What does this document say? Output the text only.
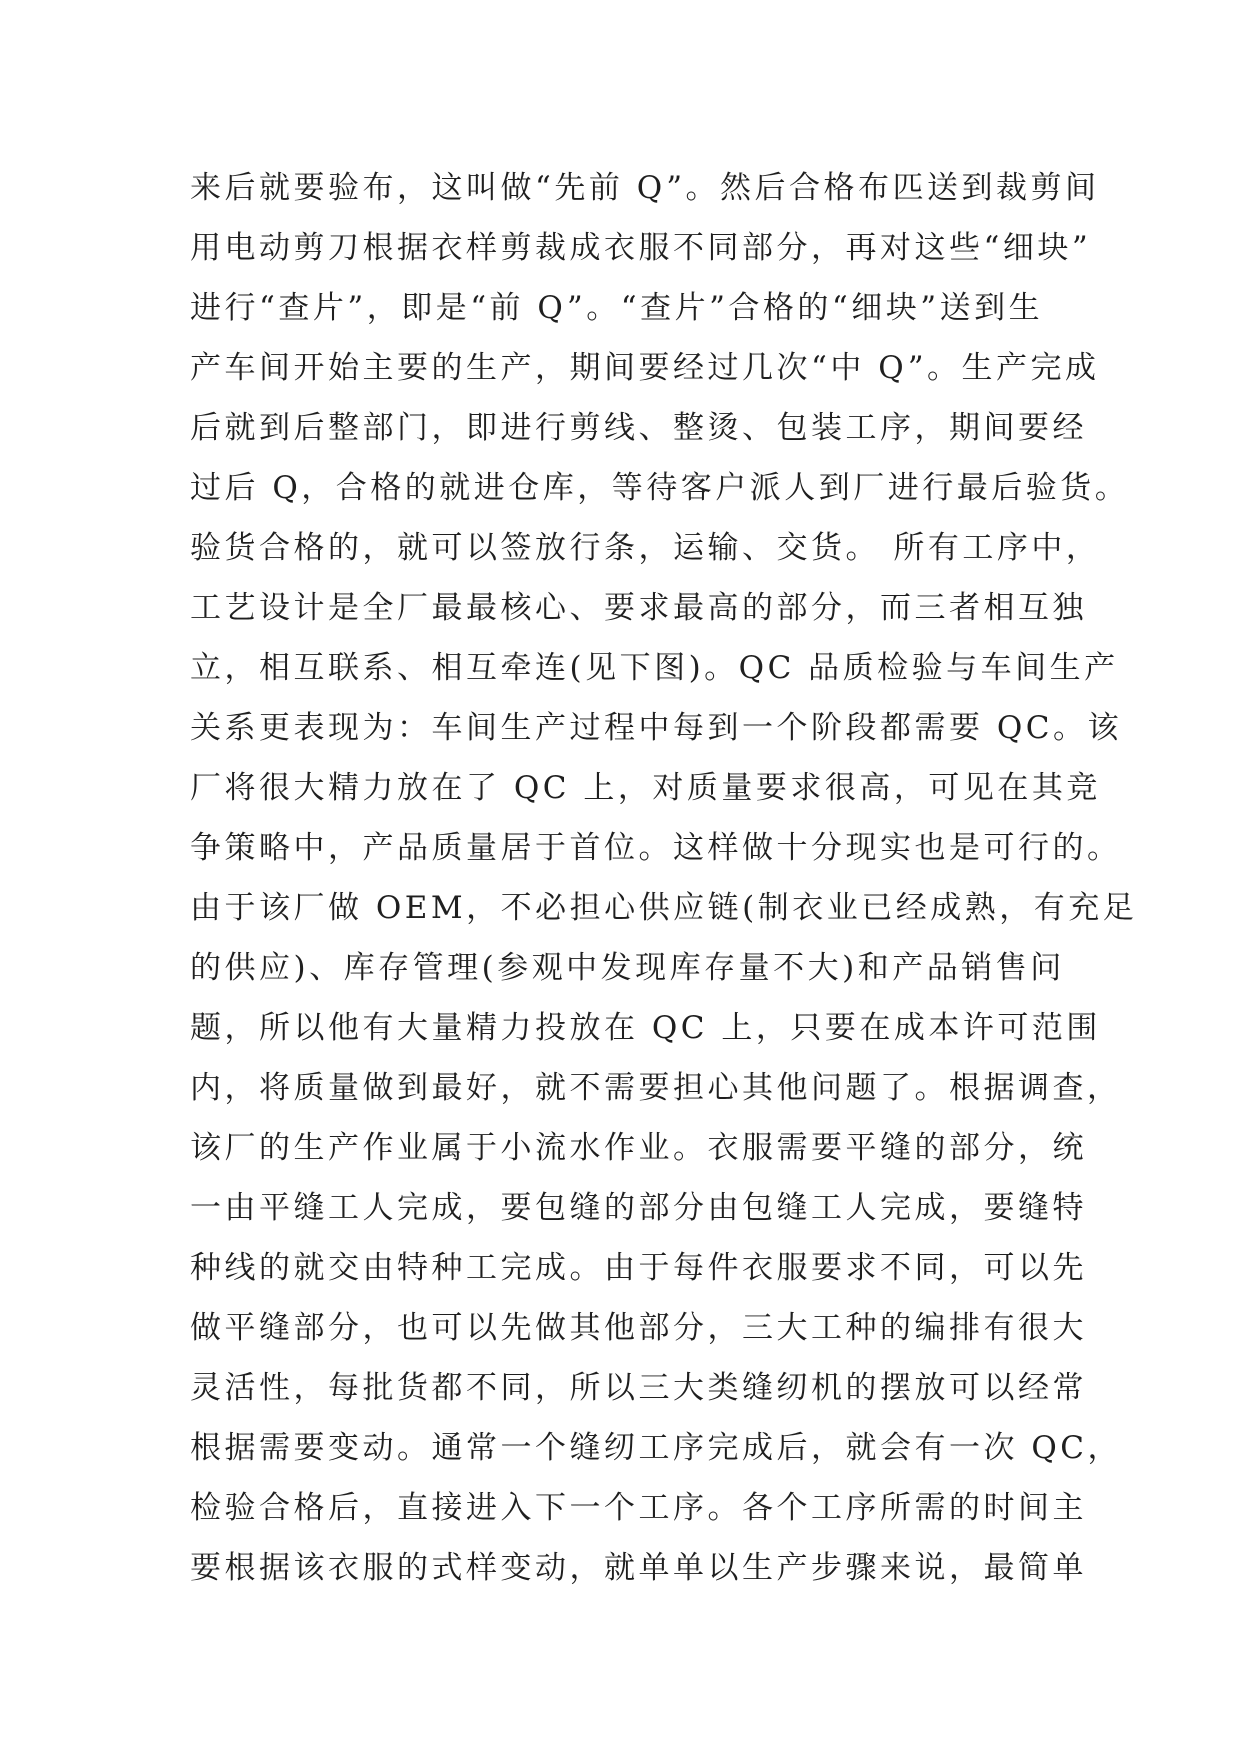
来后就要验布，这叫做“先前 Q”。然后合格布匹送到裁剪间
用电动剪刀根据衣样剪裁成衣服不同部分，再对这些“细块”
进行“查片”，即是“前 Q”。“查片”合格的“细块”送到生
产车间开始主要的生产，期间要经过几次“中 Q”。生产完成
后就到后整部门，即进行剪线、整烫、包装工序，期间要经
过后 Q，合格的就进仓库，等待客户派人到厂进行最后验货。
验货合格的，就可以签放行条，运输、交货。 所有工序中，
工艺设计是全厂最最核心、要求最高的部分，而三者相互独
立，相互联系、相互牵连(见下图)。QC 品质检验与车间生产
关系更表现为：车间生产过程中每到一个阶段都需要 QC。该
厂将很大精力放在了 QC 上，对质量要求很高，可见在其竞
争策略中，产品质量居于首位。这样做十分现实也是可行的。
由于该厂做 OEM，不必担心供应链(制衣业已经成熟，有充足
的供应)、库存管理(参观中发现库存量不大)和产品销售问
题，所以他有大量精力投放在 QC 上，只要在成本许可范围
内，将质量做到最好，就不需要担心其他问题了。根据调查，
该厂的生产作业属于小流水作业。衣服需要平缝的部分，统
一由平缝工人完成，要包缝的部分由包缝工人完成，要缝特
种线的就交由特种工完成。由于每件衣服要求不同，可以先
做平缝部分，也可以先做其他部分，三大工种的编排有很大
灵活性，每批货都不同，所以三大类缝纫机的摆放可以经常
根据需要变动。通常一个缝纫工序完成后，就会有一次 QC，
检验合格后，直接进入下一个工序。各个工序所需的时间主
要根据该衣服的式样变动，就单单以生产步骤来说，最简单
